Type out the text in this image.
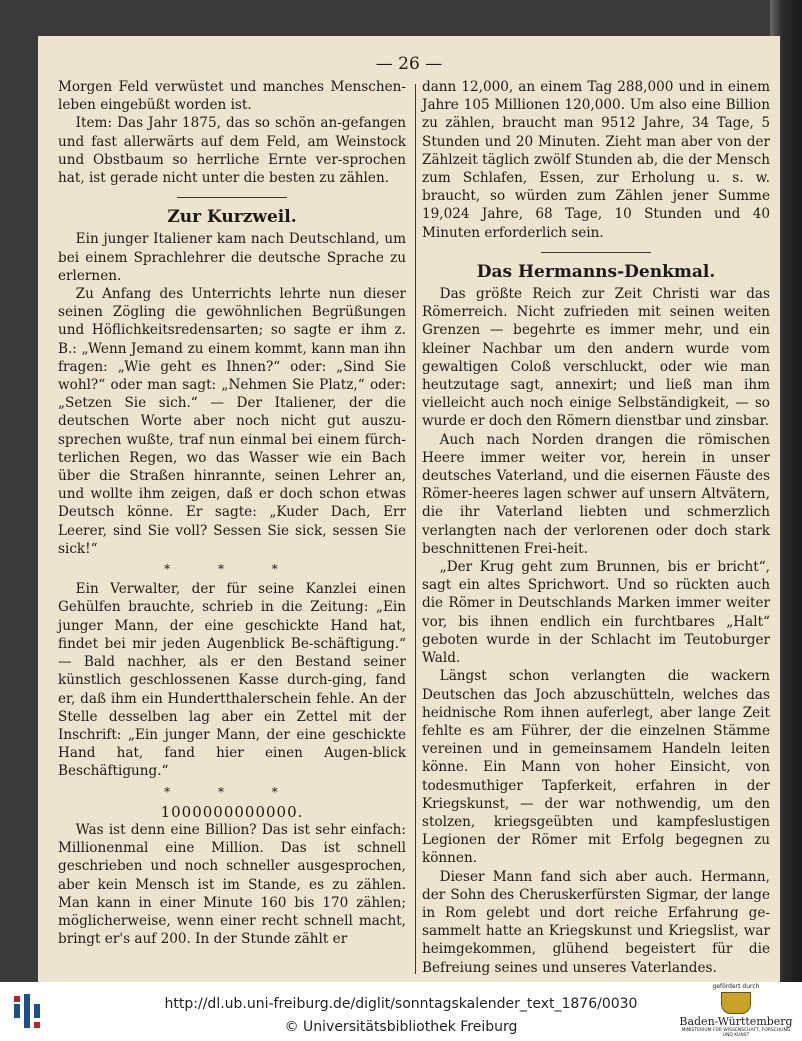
— 26 —

Morgen Feld verwüstet und manches Menschen-leben eingebüßt worden ist.

Item: Das Jahr 1875, das so schön an-gefangen und fast allerwärts auf dem Feld, am Weinstock und Obstbaum so herrliche Ernte ver-sprochen hat, ist gerade nicht unter die besten zu zählen.

Zur Kurzweil.

Ein junger Italiener kam nach Deutschland, um bei einem Sprachlehrer die deutsche Sprache zu erlernen.

Zu Anfang des Unterrichts lehrte nun dieser seinen Zögling die gewöhnlichen Begrüßungen und Höflichkeitsredensarten; so sagte er ihm z. B.: „Wenn Jemand zu einem kommt, kann man ihn fragen: „Wie geht es Ihnen?“ oder: „Sind Sie wohl?“ oder man sagt: „Nehmen Sie Platz,“ oder: „Setzen Sie sich.“ — Der Italiener, der die deutschen Worte aber noch nicht gut auszu-sprechen wußte, traf nun einmal bei einem fürch-terlichen Regen, wo das Wasser wie ein Bach über die Straßen hinrannte, seinen Lehrer an, und wollte ihm zeigen, daß er doch schon etwas Deutsch könne. Er sagte: „Kuder Dach, Err Leerer, sind Sie voll? Sessen Sie sick, sessen Sie sick!“

* * *

Ein Verwalter, der für seine Kanzlei einen Gehülfen brauchte, schrieb in die Zeitung: „Ein junger Mann, der eine geschickte Hand hat, findet bei mir jeden Augenblick Be-schäftigung.“ — Bald nachher, als er den Bestand seiner künstlich geschlossenen Kasse durch-ging, fand er, daß ihm ein Hundertthalerschein fehle. An der Stelle desselben lag aber ein Zettel mit der Inschrift: „Ein junger Mann, der eine geschickte Hand hat, fand hier einen Augen-blick Beschäftigung.“

* * *
1000000000000.

Was ist denn eine Billion? Das ist sehr einfach: Millionenmal eine Million. Das ist schnell geschrieben und noch schneller ausgesprochen, aber kein Mensch ist im Stande, es zu zählen. Man kann in einer Minute 160 bis 170 zählen; möglicherweise, wenn einer recht schnell macht, bringt er's auf 200. In der Stunde zählt er

dann 12,000, an einem Tag 288,000 und in einem Jahre 105 Millionen 120,000. Um also eine Billion zu zählen, braucht man 9512 Jahre, 34 Tage, 5 Stunden und 20 Minuten. Zieht man aber von der Zählzeit täglich zwölf Stunden ab, die der Mensch zum Schlafen, Essen, zur Erholung u. s. w. braucht, so würden zum Zählen jener Summe 19,024 Jahre, 68 Tage, 10 Stunden und 40 Minuten erforderlich sein.

Das Hermanns-Denkmal.

Das größte Reich zur Zeit Christi war das Römerreich. Nicht zufrieden mit seinen weiten Grenzen — begehrte es immer mehr, und ein kleiner Nachbar um den andern wurde vom gewaltigen Coloß verschluckt, oder wie man heutzutage sagt, annexirt; und ließ man ihm vielleicht auch noch einige Selbständigkeit, — so wurde er doch den Römern dienstbar und zinsbar.

Auch nach Norden drangen die römischen Heere immer weiter vor, herein in unser deutsches Vaterland, und die eisernen Fäuste des Römer-heeres lagen schwer auf unsern Altvätern, die ihr Vaterland liebten und schmerzlich verlangten nach der verlorenen oder doch stark beschnittenen Frei-heit.

„Der Krug geht zum Brunnen, bis er bricht“, sagt ein altes Sprichwort. Und so rückten auch die Römer in Deutschlands Marken immer weiter vor, bis ihnen endlich ein furchtbares „Halt“ geboten wurde in der Schlacht im Teutoburger Wald.

Längst schon verlangten die wackern Deutschen das Joch abzuschütteln, welches das heidnische Rom ihnen auferlegt, aber lange Zeit fehlte es am Führer, der die einzelnen Stämme vereinen und in gemeinsamem Handeln leiten könne. Ein Mann von hoher Einsicht, von todesmuthiger Tapferkeit, erfahren in der Kriegskunst, — der war nothwendig, um den stolzen, kriegsgeübten und kampfeslustigen Legionen der Römer mit Erfolg begegnen zu können.

Dieser Mann fand sich aber auch. Hermann, der Sohn des Cheruskerfürsten Sigmar, der lange in Rom gelebt und dort reiche Erfahrung ge-sammelt hatte an Kriegskunst und Kriegslist, war heimgekommen, glühend begeistert für die Befreiung seines und unseres Vaterlandes.

http://dl.ub.uni-freiburg.de/diglit/sonntagskalender_text_1876/0030
© Universitätsbibliothek Freiburg
gefördert durch
Baden-Württemberg
MINISTERIUM FÜR WISSENSCHAFT, FORSCHUNG UND KUNST
